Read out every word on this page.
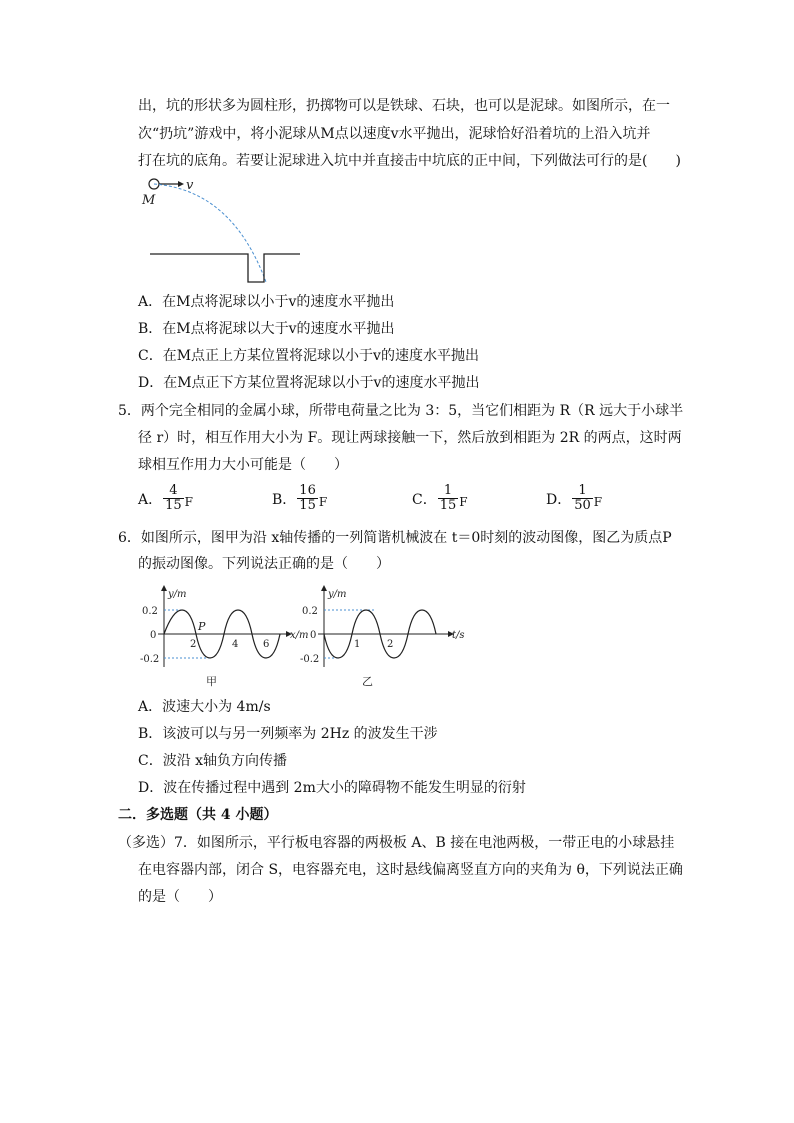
出，坑的形状多为圆柱形，扔掷物可以是铁球、石块，也可以是泥球。如图所示，在一
次“扔坑”游戏中，将小泥球从M点以速度v水平抛出，泥球恰好沿着坑的上沿入坑并
打在坑的底角。若要让泥球进入坑中并直接击中坑底的正中间，下列做法可行的是(　　)
v
M
A．在M点将泥球以小于v的速度水平抛出
B．在M点将泥球以大于v的速度水平抛出
C．在M点正上方某位置将泥球以小于v的速度水平抛出
D．在M点正下方某位置将泥球以小于v的速度水平抛出
5．两个完全相同的金属小球，所带电荷量之比为 3：5，当它们相距为 R（R 远大于小球半
径 r）时，相互作用大小为 F。现让两球接触一下，然后放到相距为 2R 的两点，这时两
球相互作用力大小可能是（　　）
A． $\frac{4}{15}$ F	B． $\frac{16}{15}$ F	C． $\frac{1}{15}$ F	D． $\frac{1}{50}$ F
6．如图所示，图甲为沿 x轴传播的一列简谐机械波在 t＝0时刻的波动图像，图乙为质点P
的振动图像。下列说法正确的是（　　）
y/m
x/m
0.2
0
-0.2
2	4 6
P
甲
y/m
t/s
0.2
0
-0.2
1	2
乙
A．波速大小为 4m/s
B．该波可以与另一列频率为 2Hz 的波发生干涉
C．波沿 x轴负方向传播
D．波在传播过程中遇到 2m大小的障碍物不能发生明显的衍射
二．多选题（共 4 小题）
（多选）7．如图所示，平行板电容器的两极板 A、B 接在电池两极，一带正电的小球悬挂
在电容器内部，闭合 S，电容器充电，这时悬线偏离竖直方向的夹角为 θ，下列说法正确
的是（　　）
